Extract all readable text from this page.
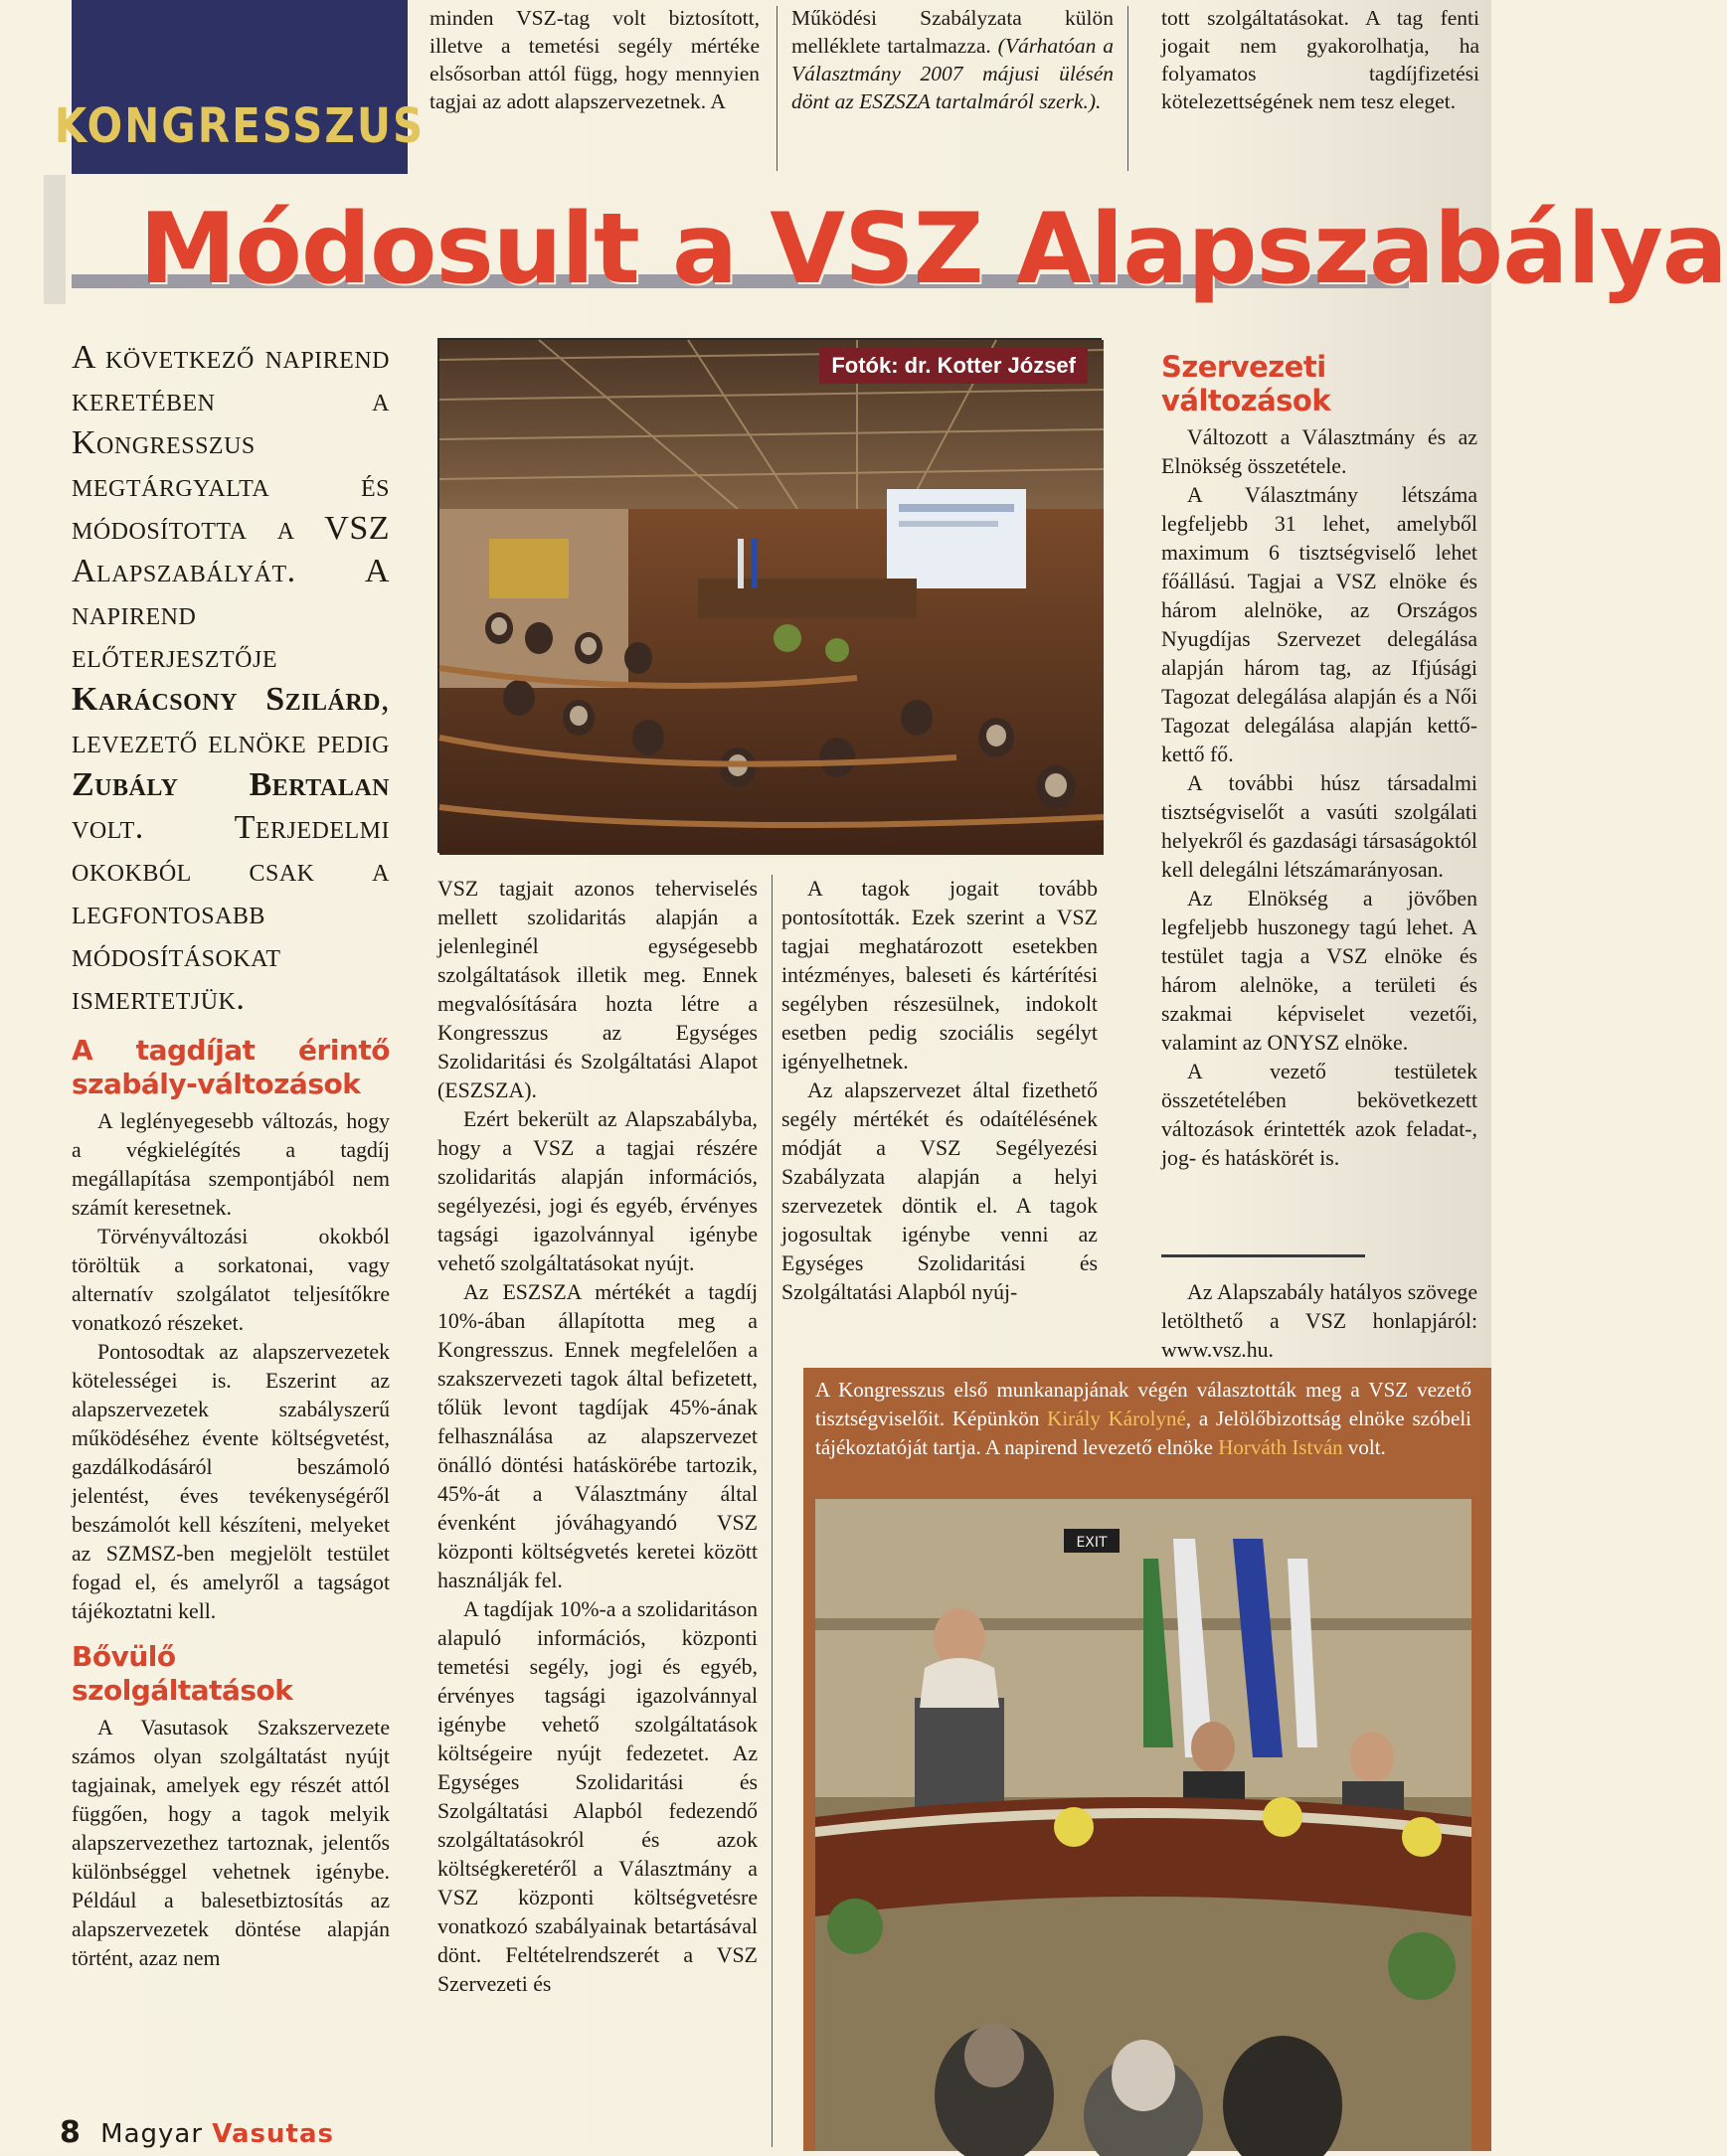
KONGRESSZUS
minden VSZ-tag volt biztosított, illetve a temetési segély mértéke elsősorban attól függ, hogy mennyien tagjai az adott alapszervezetnek. A
Működési Szabályzata külön melléklete tartalmazza. (Várhatóan a Választmány 2007 májusi ülésén dönt az ESZSZA tartalmáról szerk.).
tott szolgáltatásokat. A tag fenti jogait nem gyakorolhatja, ha folyamatos tagdíjfizetési kötelezettségének nem tesz eleget.
Módosult a VSZ Alapszabálya
A következő napirend keretében a Kongresszus megtárgyalta és módosította a VSZ Alapszabályát. A napirend előterjesztője Karácsony Szilárd, levezető elnöke pedig Zubály Bertalan volt. Terjedelmi okokból csak a legfontosabb módosításokat ismertetjük.
A tagdíjat érintő szabály-változások

A leglényegesebb változás, hogy a végkielégítés a tagdíj megállapítása szempontjából nem számít keresetnek.

Törvényváltozási okokból töröltük a sorkatonai, vagy alternatív szolgálatot teljesítőkre vonatkozó részeket.

Pontosodtak az alapszervezetek kötelességei is. Eszerint az alapszervezetek szabályszerű működéséhez évente költségvetést, gazdálkodásáról beszámoló jelentést, éves tevékenységéről beszámolót kell készíteni, melyeket az SZMSZ-ben megjelölt testület fogad el, és amelyről a tagságot tájékoztatni kell.

Bővülő szolgáltatások

A Vasutasok Szakszervezete számos olyan szolgáltatást nyújt tagjainak, amelyek egy részét attól függően, hogy a tagok melyik alapszervezethez tartoznak, jelentős különbséggel vehetnek igénybe. Például a balesetbiztosítás az alapszervezetek döntése alapján történt, azaz nem

Fotók: dr. Kotter József

VSZ tagjait azonos teherviselés mellett szolidaritás alapján a jelenleginél egységesebb szolgáltatások illetik meg. Ennek megvalósítására hozta létre a Kongresszus az Egységes Szolidaritási és Szolgáltatási Alapot (ESZSZA).

Ezért bekerült az Alapszabályba, hogy a VSZ a tagjai részére szolidaritás alapján információs, segélyezési, jogi és egyéb, érvényes tagsági igazolvánnyal igénybe vehető szolgáltatásokat nyújt.

Az ESZSZA mértékét a tagdíj 10%-ában állapította meg a Kongresszus. Ennek megfelelően a szakszervezeti tagok által befizetett, tőlük levont tagdíjak 45%-ának felhasználása az alapszervezet önálló döntési hatáskörébe tartozik, 45%-át a Választmány által évenként jóváhagyandó VSZ központi költségvetés keretei között használják fel.

A tagdíjak 10%-a a szolidaritáson alapuló információs, központi temetési segély, jogi és egyéb, érvényes tagsági igazolvánnyal igénybe vehető szolgáltatások költségeire nyújt fedezetet. Az Egységes Szolidaritási és Szolgáltatási Alapból fedezendő szolgáltatásokról és azok költségkeretéről a Választmány a VSZ központi költségvetésre vonatkozó szabályainak betartásával dönt. Feltételrendszerét a VSZ Szervezeti és

A tagok jogait tovább pontosították. Ezek szerint a VSZ tagjai meghatározott esetekben intézményes, baleseti és kártérítési segélyben részesülnek, indokolt esetben pedig szociális segélyt igényelhetnek.

Az alapszervezet által fizethető segély mértékét és odaítélésének módját a VSZ Segélyezési Szabályzata alapján a helyi szervezetek döntik el. A tagok jogosultak igénybe venni az Egységes Szolidaritási és Szolgáltatási Alapból nyúj-

Szervezeti változások

Változott a Választmány és az Elnökség összetétele.

A Választmány létszáma legfeljebb 31 lehet, amelyből maximum 6 tisztségviselő lehet főállású. Tagjai a VSZ elnöke és három alelnöke, az Országos Nyugdíjas Szervezet delegálása alapján három tag, az Ifjúsági Tagozat delegálása alapján és a Női Tagozat delegálása alapján kettő-kettő fő.

A további húsz társadalmi tisztségviselőt a vasúti szolgálati helyekről és gazdasági társaságoktól kell delegálni létszámarányosan.

Az Elnökség a jövőben legfeljebb huszonegy tagú lehet. A testület tagja a VSZ elnöke és három alelnöke, a területi és szakmai képviselet vezetői, valamint az ONYSZ elnöke.

A vezető testületek összetételében bekövetkezett változások érintették azok feladat-, jog- és hatáskörét is.

Az Alapszabály hatályos szövege letölthető a VSZ honlapjáról: www.vsz.hu.

A Kongresszus első munkanapjának végén választották meg a VSZ vezető tisztségviselőit. Képünkön Király Károlyné, a Jelölőbizottság elnöke szóbeli tájékoztatóját tartja. A napirend levezető elnöke Horváth István volt.
EXIT
8 Magyar Vasutas
